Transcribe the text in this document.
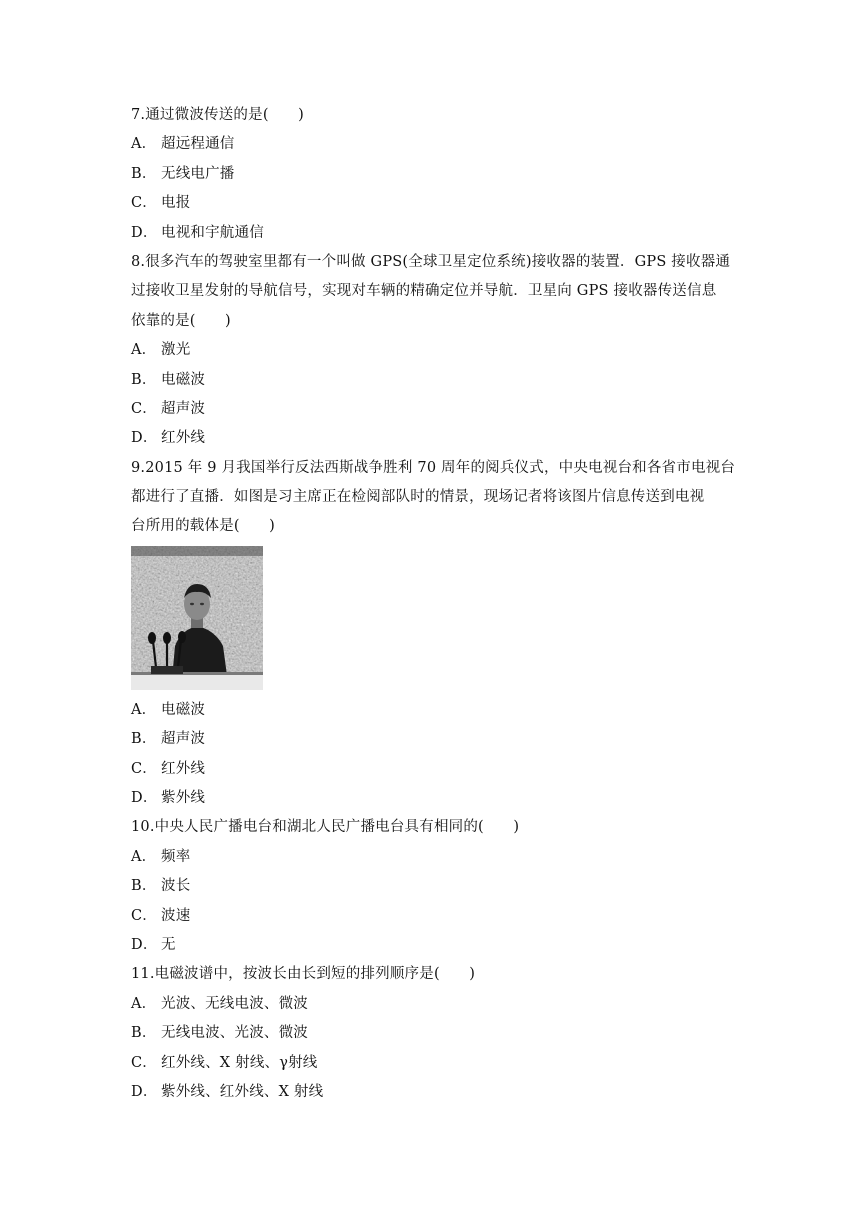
7.通过微波传送的是(　　)
A． 超远程通信
B． 无线电广播
C． 电报
D． 电视和宇航通信
8.很多汽车的驾驶室里都有一个叫做 GPS(全球卫星定位系统)接收器的装置．GPS 接收器通
过接收卫星发射的导航信号，实现对车辆的精确定位并导航．卫星向 GPS 接收器传送信息
依靠的是(　　)
A． 激光
B． 电磁波
C． 超声波
D． 红外线
9.2015 年 9 月我国举行反法西斯战争胜利 70 周年的阅兵仪式，中央电视台和各省市电视台
都进行了直播．如图是习主席正在检阅部队时的情景，现场记者将该图片信息传送到电视
台所用的载体是(　　)
A． 电磁波
B． 超声波
C． 红外线
D． 紫外线
10.中央人民广播电台和湖北人民广播电台具有相同的(　　)
A． 频率
B． 波长
C． 波速
D． 无
11.电磁波谱中，按波长由长到短的排列顺序是(　　)
A． 光波、无线电波、微波
B． 无线电波、光波、微波
C． 红外线、X 射线、γ射线
D． 紫外线、红外线、X 射线
